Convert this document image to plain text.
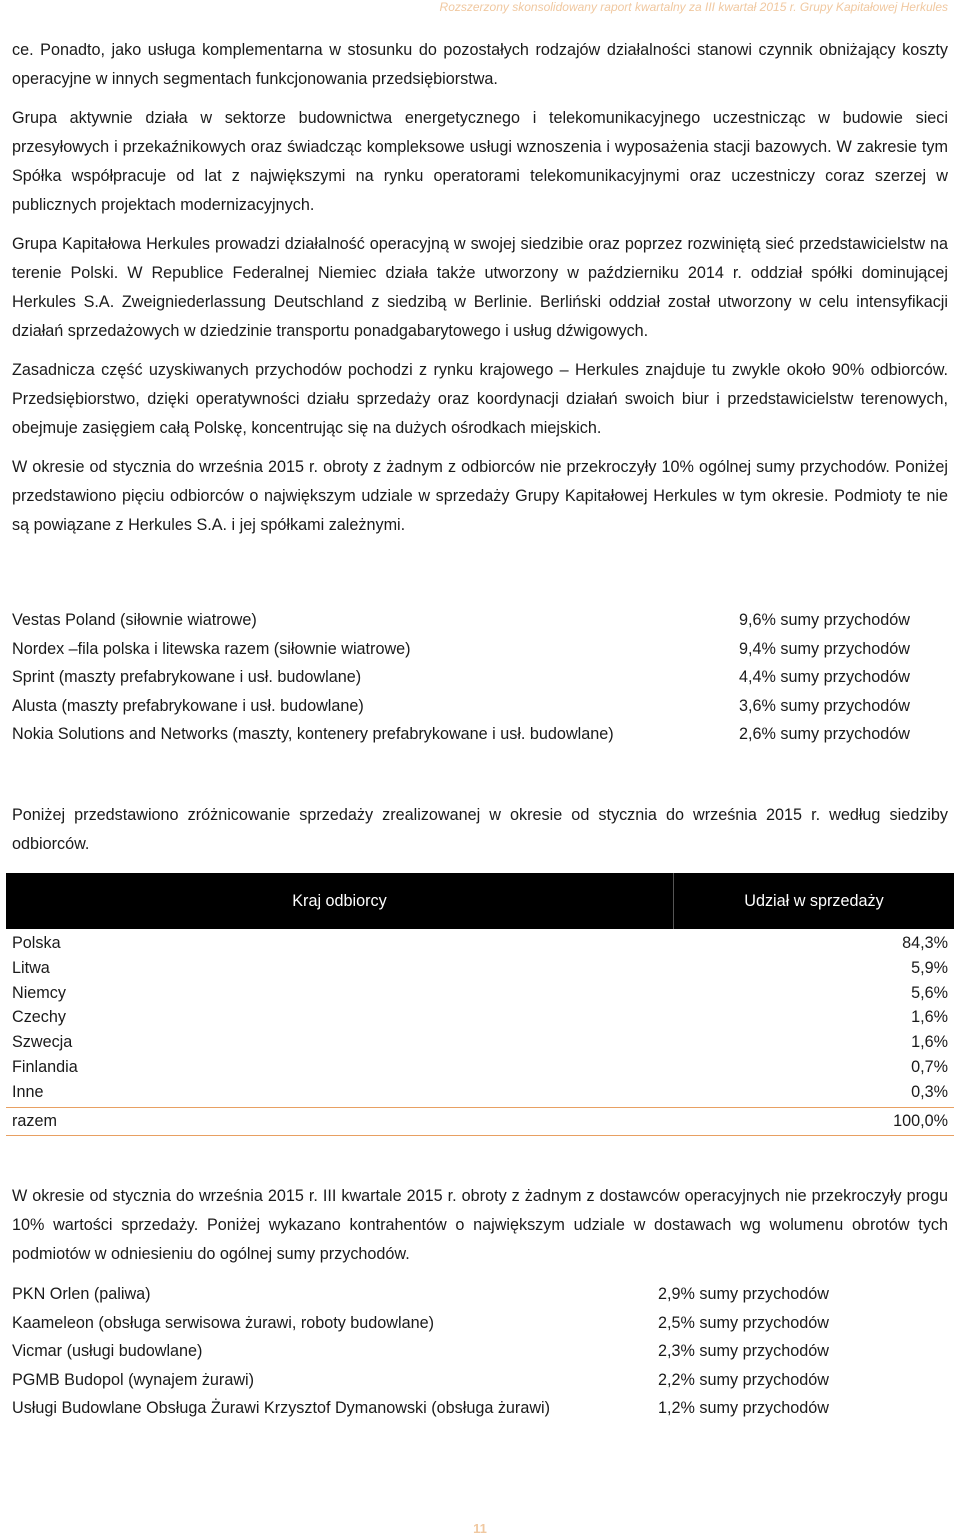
Rozszerzony skonsolidowany raport kwartalny za III kwartał 2015 r. Grupy Kapitałowej Herkules

ce. Ponadto, jako usługa komplementarna w stosunku do pozostałych rodzajów działalności stanowi czynnik obniżający koszty operacyjne w innych segmentach funkcjonowania przedsiębiorstwa.

Grupa aktywnie działa w sektorze budownictwa energetycznego i telekomunikacyjnego uczestnicząc w budowie sieci przesyłowych i przekaźnikowych oraz świadcząc kompleksowe usługi wznoszenia i wyposażenia stacji bazowych. W zakresie tym Spółka współpracuje od lat z największymi na rynku operatorami telekomunikacyjnymi oraz uczestniczy coraz szerzej w publicznych projektach modernizacyjnych.

Grupa Kapitałowa Herkules prowadzi działalność operacyjną w swojej siedzibie oraz poprzez rozwiniętą sieć przedstawicielstw na terenie Polski. W Republice Federalnej Niemiec działa także utworzony w październiku 2014 r. oddział spółki dominującej Herkules S.A. Zweigniederlassung Deutschland z siedzibą w Berlinie. Berliński oddział został utworzony w celu intensyfikacji działań sprzedażowych w dziedzinie transportu ponadgabarytowego i usług dźwigowych.

Zasadnicza część uzyskiwanych przychodów pochodzi z rynku krajowego – Herkules znajduje tu zwykle około 90% odbiorców. Przedsiębiorstwo, dzięki operatywności działu sprzedaży oraz koordynacji działań swoich biur i przedstawicielstw terenowych, obejmuje zasięgiem całą Polskę, koncentrując się na dużych ośrodkach miejskich.

W okresie od stycznia do września 2015 r. obroty z żadnym z odbiorców nie przekroczyły 10% ogólnej sumy przychodów. Poniżej przedstawiono pięciu odbiorców o największym udziale w sprzedaży Grupy Kapitałowej Herkules w tym okresie. Podmioty te nie są powiązane z Herkules S.A. i jej spółkami zależnymi.

Vestas Poland (siłownie wiatrowe)	9,6% sumy przychodów
Nordex –fila polska i litewska razem (siłownie wiatrowe)	9,4% sumy przychodów
Sprint (maszty prefabrykowane i usł. budowlane)	4,4% sumy przychodów
Alusta (maszty prefabrykowane i usł. budowlane)	3,6% sumy przychodów
Nokia Solutions and Networks (maszty, kontenery prefabrykowane i usł. budowlane)	2,6% sumy przychodów
Poniżej przedstawiono zróżnicowanie sprzedaży zrealizowanej w okresie od stycznia do września 2015 r. według siedziby odbiorców.
Kraj odbiorcy	Udział w sprzedaży
Polska	84,3%
Litwa	5,9%
Niemcy	5,6%
Czechy	1,6%
Szwecja	1,6%
Finlandia	0,7%
Inne	0,3%
razem	100,0%
W okresie od stycznia do września 2015 r. III kwartale 2015 r. obroty z żadnym z dostawców operacyjnych nie przekroczyły progu 10% wartości sprzedaży. Poniżej wykazano kontrahentów o największym udziale w dostawach wg wolumenu obrotów tych podmiotów w odniesieniu do ogólnej sumy przychodów.
PKN Orlen (paliwa)	2,9% sumy przychodów
Kaameleon (obsługa serwisowa żurawi, roboty budowlane)	2,5% sumy przychodów
Vicmar (usługi budowlane)	2,3% sumy przychodów
PGMB Budopol (wynajem żurawi)	2,2% sumy przychodów
Usługi Budowlane Obsługa Żurawi Krzysztof Dymanowski (obsługa żurawi)	1,2% sumy przychodów
11
